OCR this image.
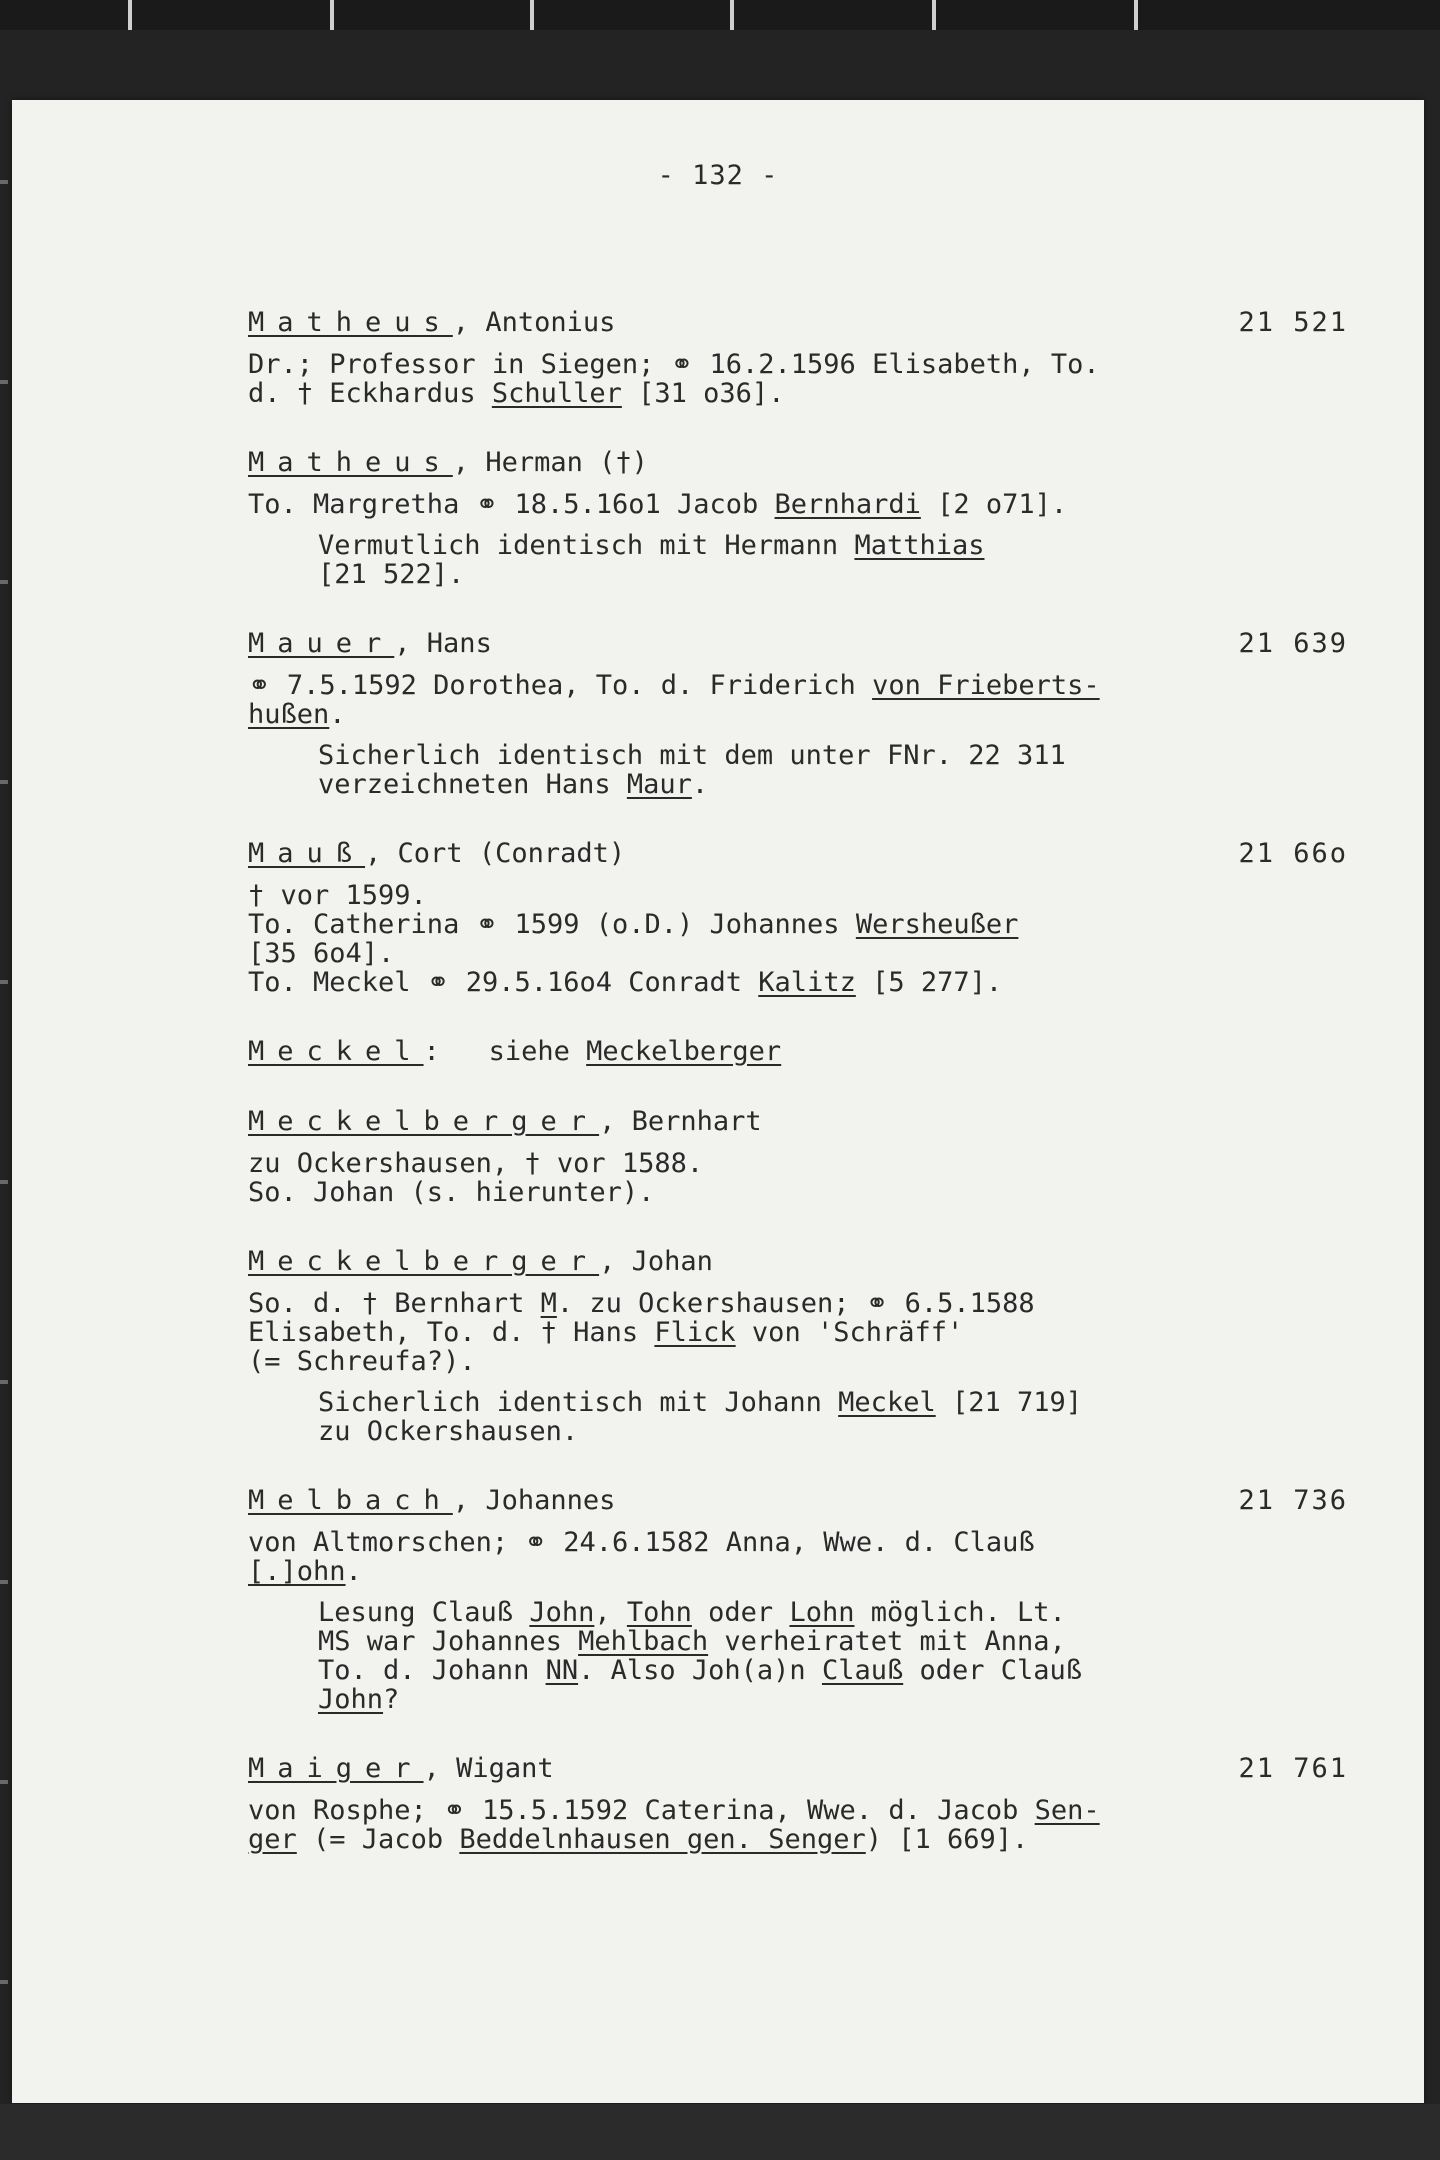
- 132 -
Matheus, Antonius	21 521
Dr.; Professor in Siegen; ⚭ 16.2.1596 Elisabeth, To.
d. † Eckhardus Schuller [31 o36].
Matheus, Herman (†)
To. Margretha ⚭ 18.5.16o1 Jacob Bernhardi [2 o71].
Vermutlich identisch mit Hermann Matthias
[21 522].
Mauer, Hans	21 639
⚭ 7.5.1592 Dorothea, To. d. Friderich von Frieberts-
hußen.
Sicherlich identisch mit dem unter FNr. 22 311
verzeichneten Hans Maur.
Mauß, Cort (Conradt)	21 66o
† vor 1599.
To. Catherina ⚭ 1599 (o.D.) Johannes Wersheußer
[35 6o4].
To. Meckel ⚭ 29.5.16o4 Conradt Kalitz [5 277].
Meckel:   siehe Meckelberger
Meckelberger, Bernhart
zu Ockershausen, † vor 1588.
So. Johan (s. hierunter).
Meckelberger, Johan
So. d. † Bernhart M. zu Ockershausen; ⚭ 6.5.1588
Elisabeth, To. d. † Hans Flick von 'Schräff'
(= Schreufa?).
Sicherlich identisch mit Johann Meckel [21 719]
zu Ockershausen.
Melbach, Johannes	21 736
von Altmorschen; ⚭ 24.6.1582 Anna, Wwe. d. Clauß
[.]ohn.
Lesung Clauß John, Tohn oder Lohn möglich. Lt.
MS war Johannes Mehlbach verheiratet mit Anna,
To. d. Johann NN. Also Joh(a)n Clauß oder Clauß
John?
Maiger, Wigant	21 761
von Rosphe; ⚭ 15.5.1592 Caterina, Wwe. d. Jacob Sen-
ger (= Jacob Beddelnhausen gen. Senger) [1 669].
